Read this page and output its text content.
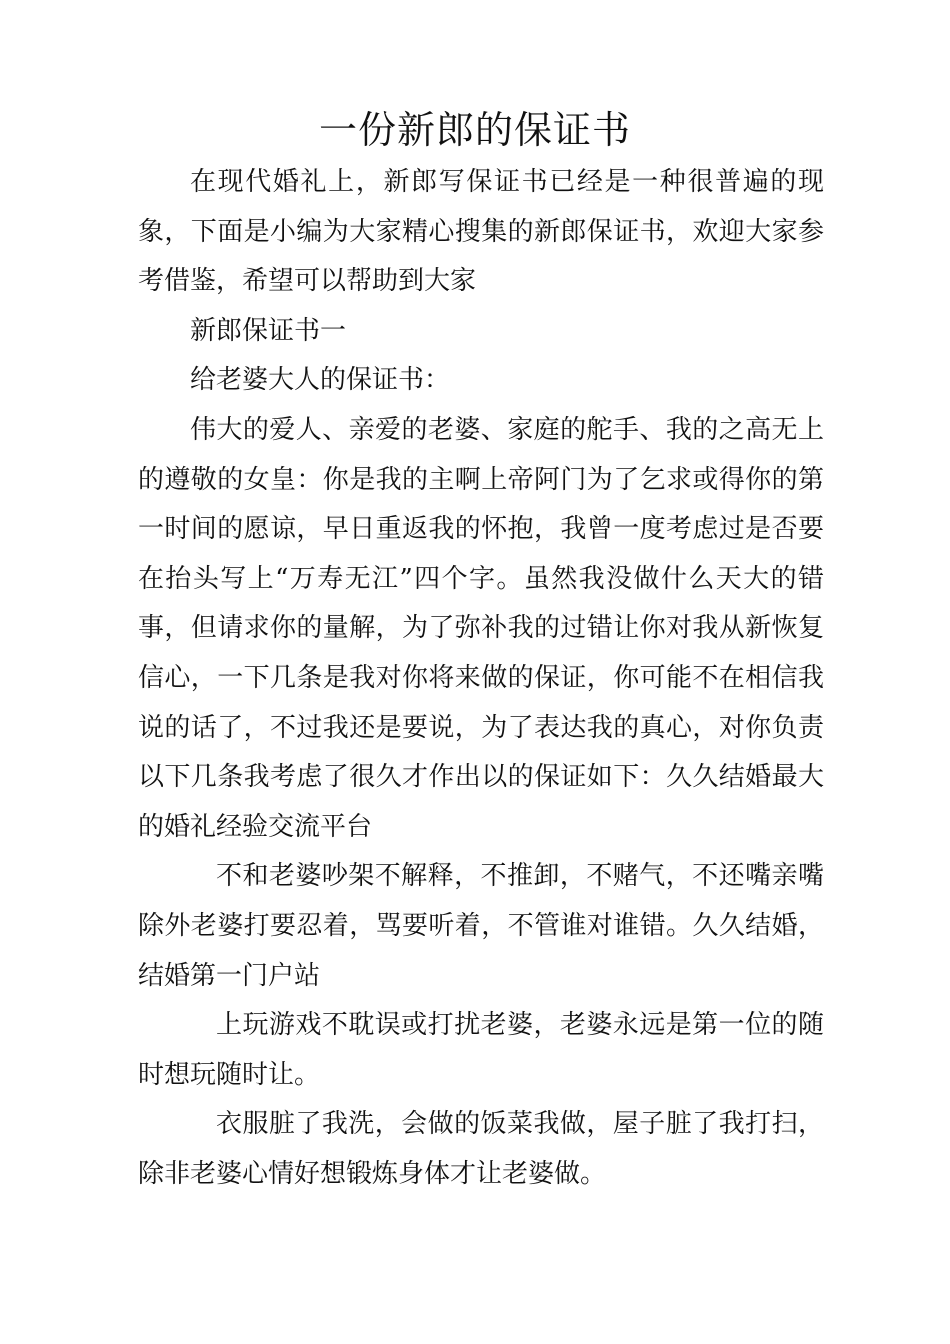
一份新郎的保证书

在现代婚礼上，新郎写保证书已经是一种很普遍的现象，下面是小编为大家精心搜集的新郎保证书，欢迎大家参考借鉴，希望可以帮助到大家

新郎保证书一

给老婆大人的保证书：

伟大的爱人、亲爱的老婆、家庭的舵手、我的之高无上的遵敬的女皇：你是我的主啊上帝阿门为了乞求或得你的第一时间的愿谅，早日重返我的怀抱，我曾一度考虑过是否要在抬头写上“万寿无江”四个字。虽然我没做什么天大的错事，但请求你的量解，为了弥补我的过错让你对我从新恢复信心，一下几条是我对你将来做的保证，你可能不在相信我说的话了，不过我还是要说，为了表达我的真心，对你负责以下几条我考虑了很久才作出以的保证如下：久久结婚最大的婚礼经验交流平台

不和老婆吵架不解释，不推卸，不赌气，不还嘴亲嘴除外老婆打要忍着，骂要听着，不管谁对谁错。久久结婚，结婚第一门户站

上玩游戏不耽误或打扰老婆，老婆永远是第一位的随时想玩随时让。

衣服脏了我洗，会做的饭菜我做，屋子脏了我打扫，除非老婆心情好想锻炼身体才让老婆做。
